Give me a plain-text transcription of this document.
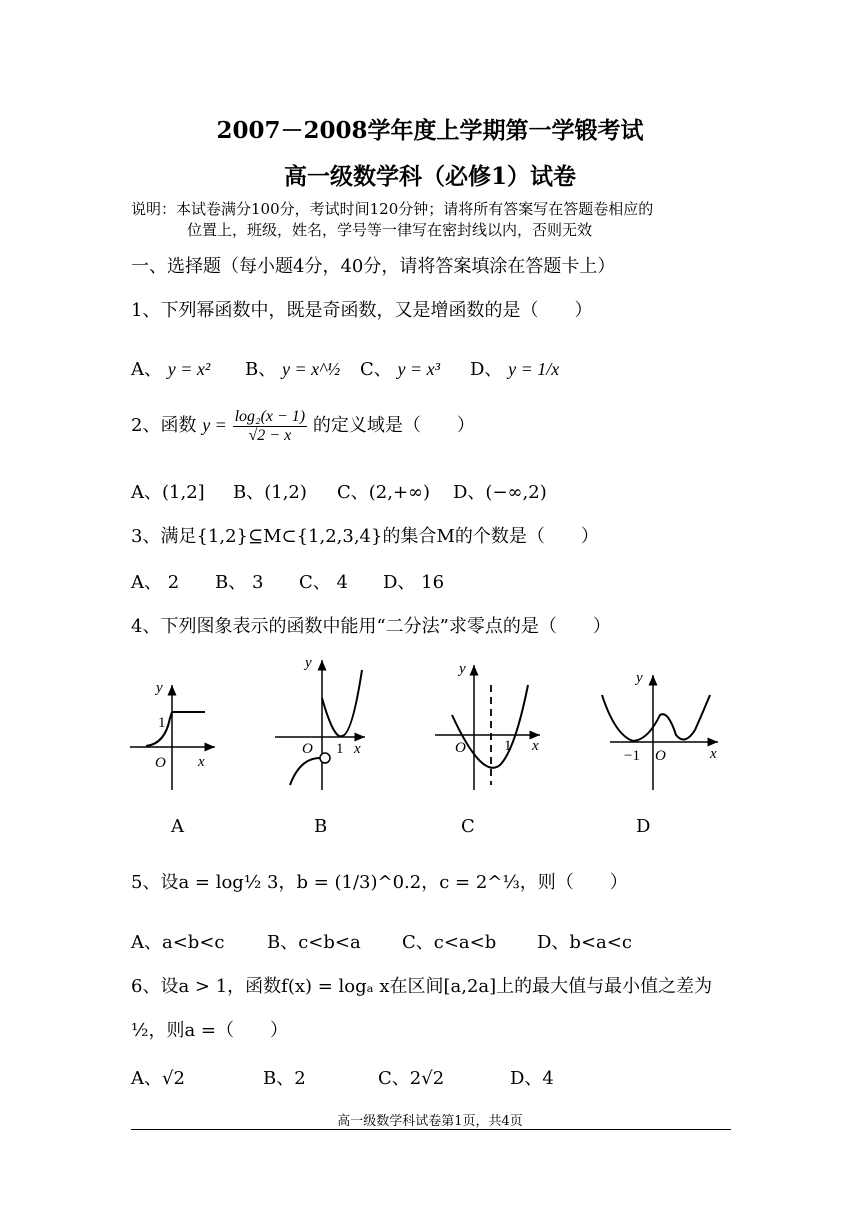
2007－2008学年度上学期第一学锻考试
高一级数学科（必修1）试卷
说明：本试卷满分100分，考试时间120分钟；请将所有答案写在答题卷相应的
位置上，班级，姓名，学号等一律写在密封线以内，否则无效
一、选择题（每小题4分，40分，请将答案填涂在答题卡上）
1、下列幂函数中，既是奇函数，又是增函数的是（　　）
A、 y = x² B、 y = x^½ C、 y = x³ D、 y = 1/x
2、函数 $y = \frac{\text{log₂(x − 1)}}{√2 - x}$ 的定义域是（　　）
A、(1,2] B、(1,2) C、(2,+∞) D、(−∞,2)
3、满足{1,2}⊆M⊂{1,2,3,4}的集合M的个数是（　　）
A、 2 B、 3 C、 4 D、 16
4、下列图象表示的函数中能用“二分法”求零点的是（　　）
y
1
O x
y
O 1 x
y
O	1 x
y
−1 O	x
A	B	C	D
5、设a = log½ 3，b = (1/3)^0.2，c = 2^⅓，则（　　）
A、a<b<c B、c<b<a C、c<a<b D、b<a<c
6、设a > 1，函数f(x) = logₐ x在区间[a,2a]上的最大值与最小值之差为
½，则a =（　　）
A、√2	B、2	C、2√2	D、4
高一级数学科试卷第1页，共4页
